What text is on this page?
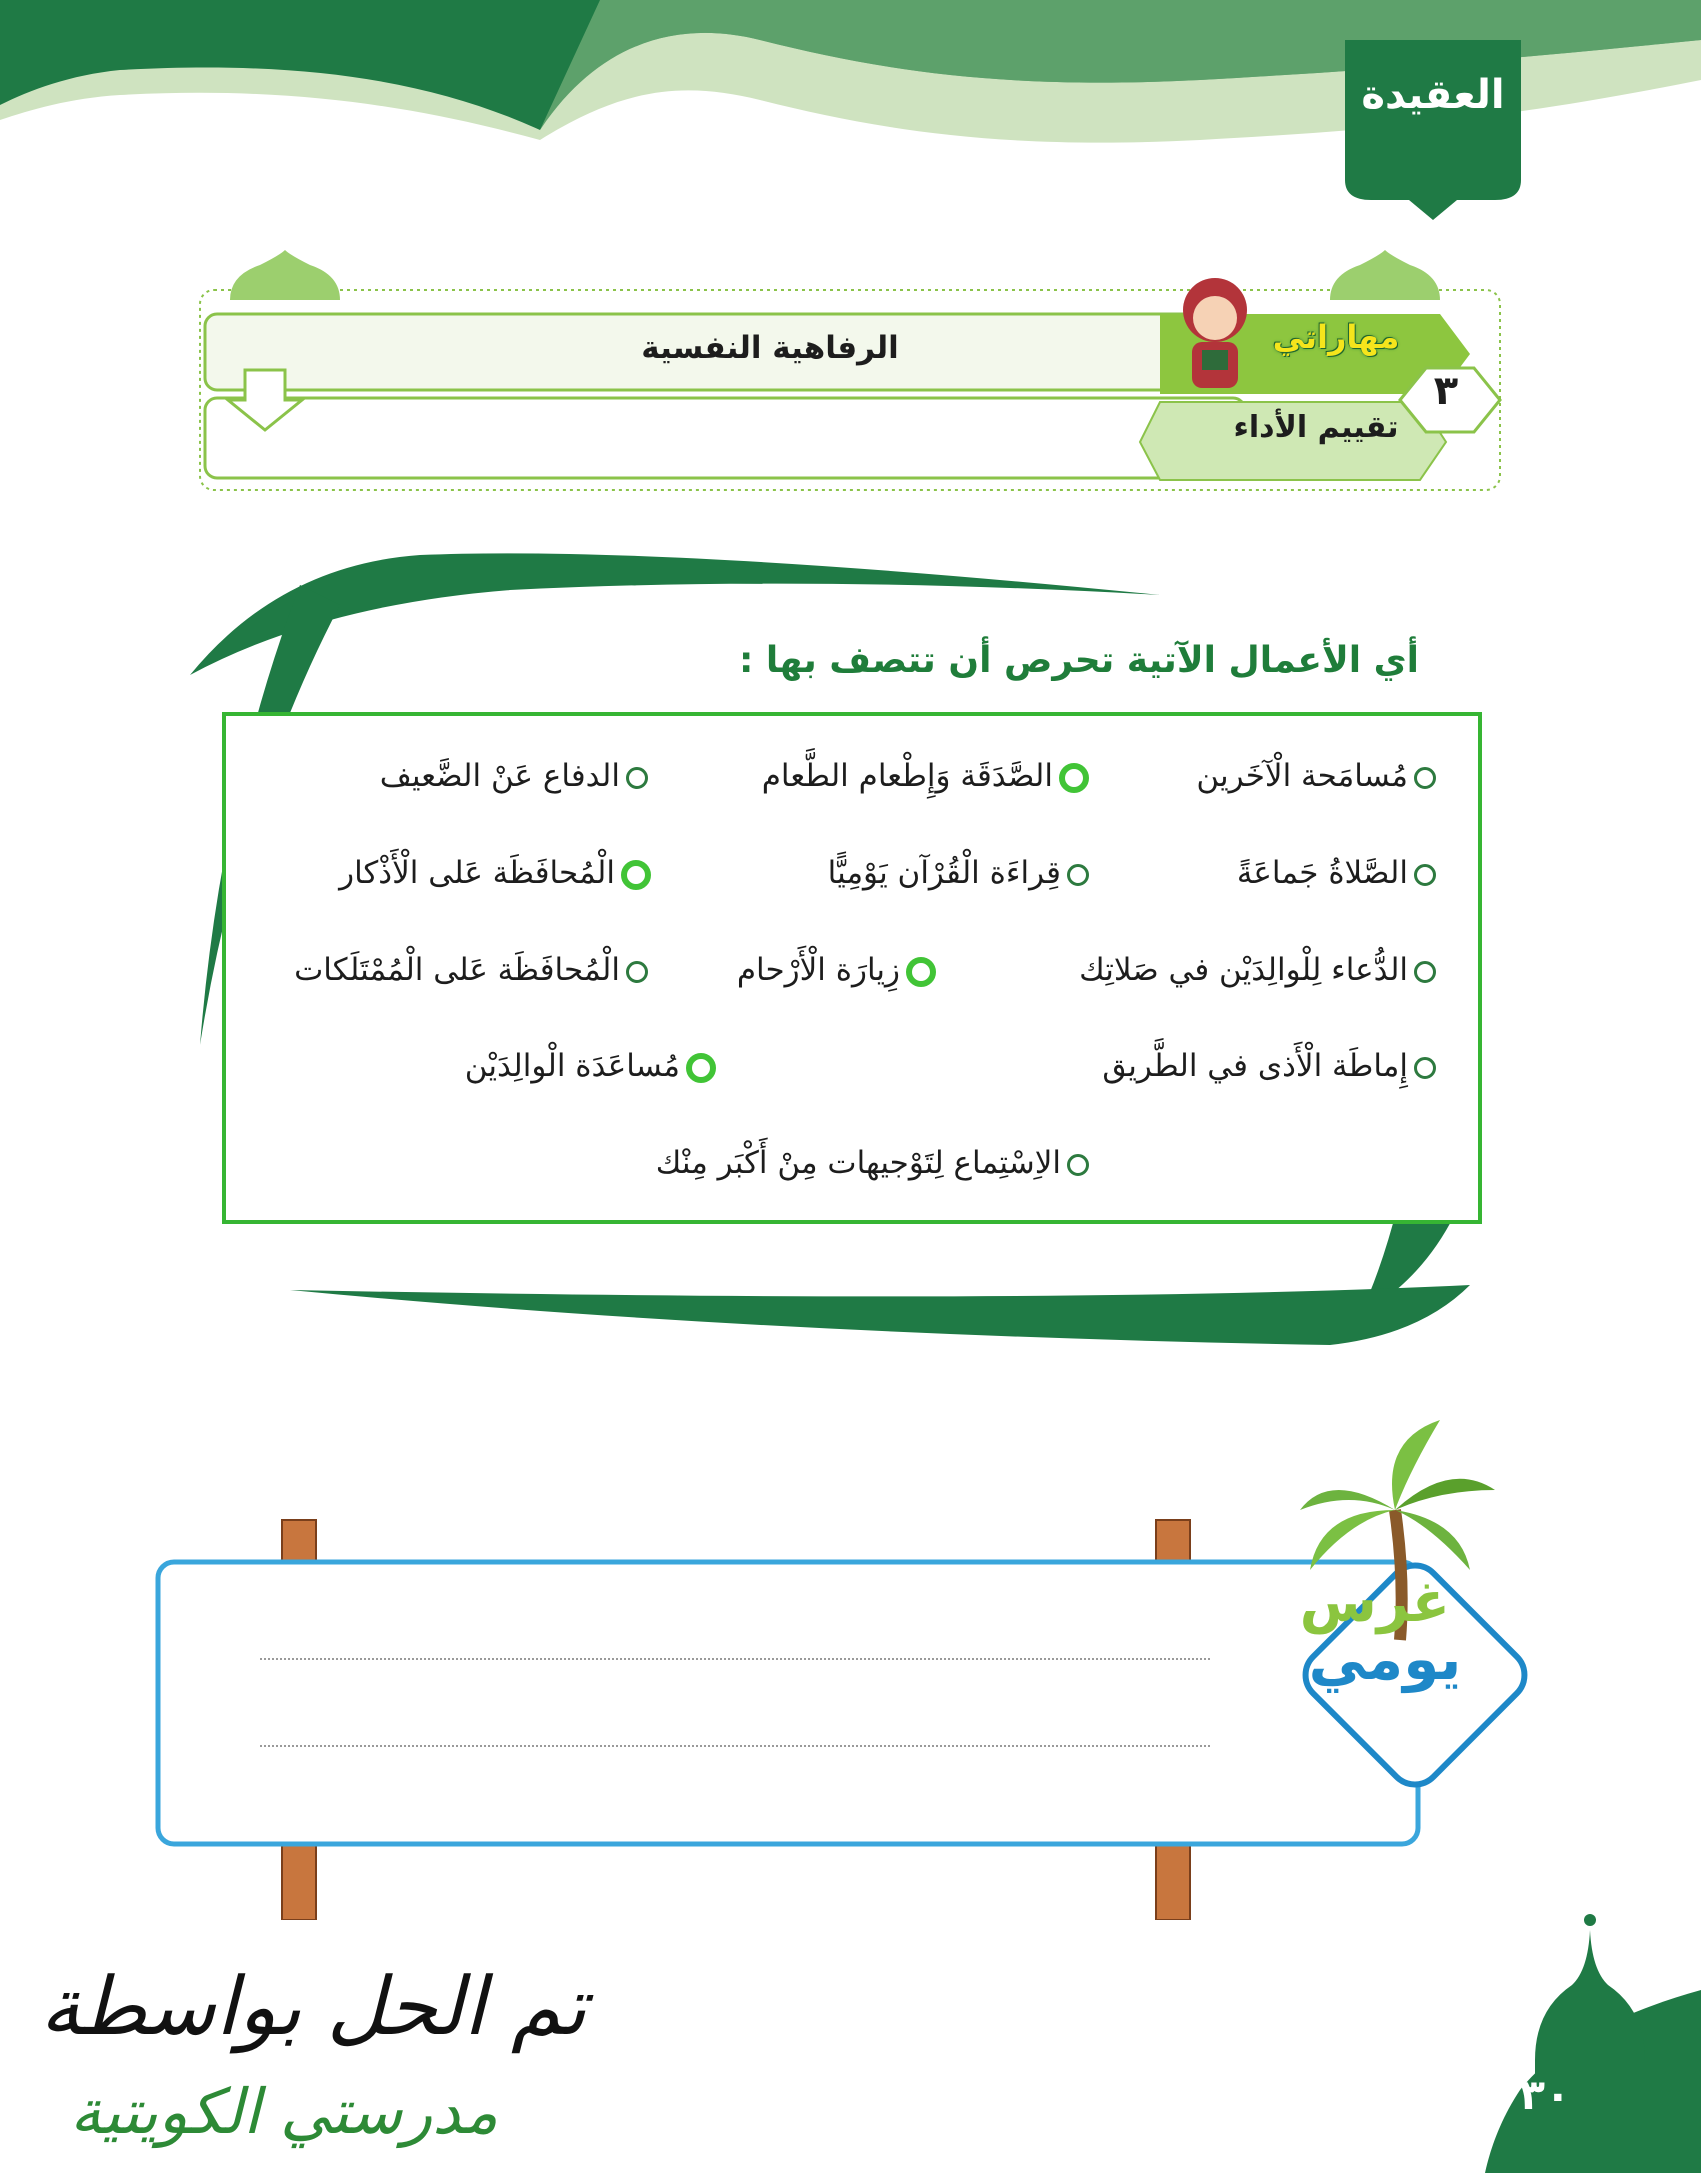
العقيدة
الرفاهية النفسية	مهاراتي
تقييم الأداء
٣
أي الأعمال الآتية تحرص أن تتصف بها :
مُسامَحة الْآخَرين
الصَّدَقَة وَإِطْعام الطَّعام
الدفاع عَنْ الضَّعيف
الصَّلاةُ جَماعَةً
قِراءَة الْقُرْآن يَوْمِيًّا
الْمُحافَظَة عَلى الْأَذْكار
الدُّعاء لِلْوالِدَيْن في صَلاتِك
زِيارَة الْأَرْحام
الْمُحافَظَة عَلى الْمُمْتَلَكات
إِماطَة الْأَذى في الطَّريق
مُساعَدَة الْوالِدَيْن
الاِسْتِماع لِتَوْجيهات مِنْ أَكْبَر مِنْك
غرس
يومي
تم الحل بواسطة
مدرستي الكويتية	٣٠
